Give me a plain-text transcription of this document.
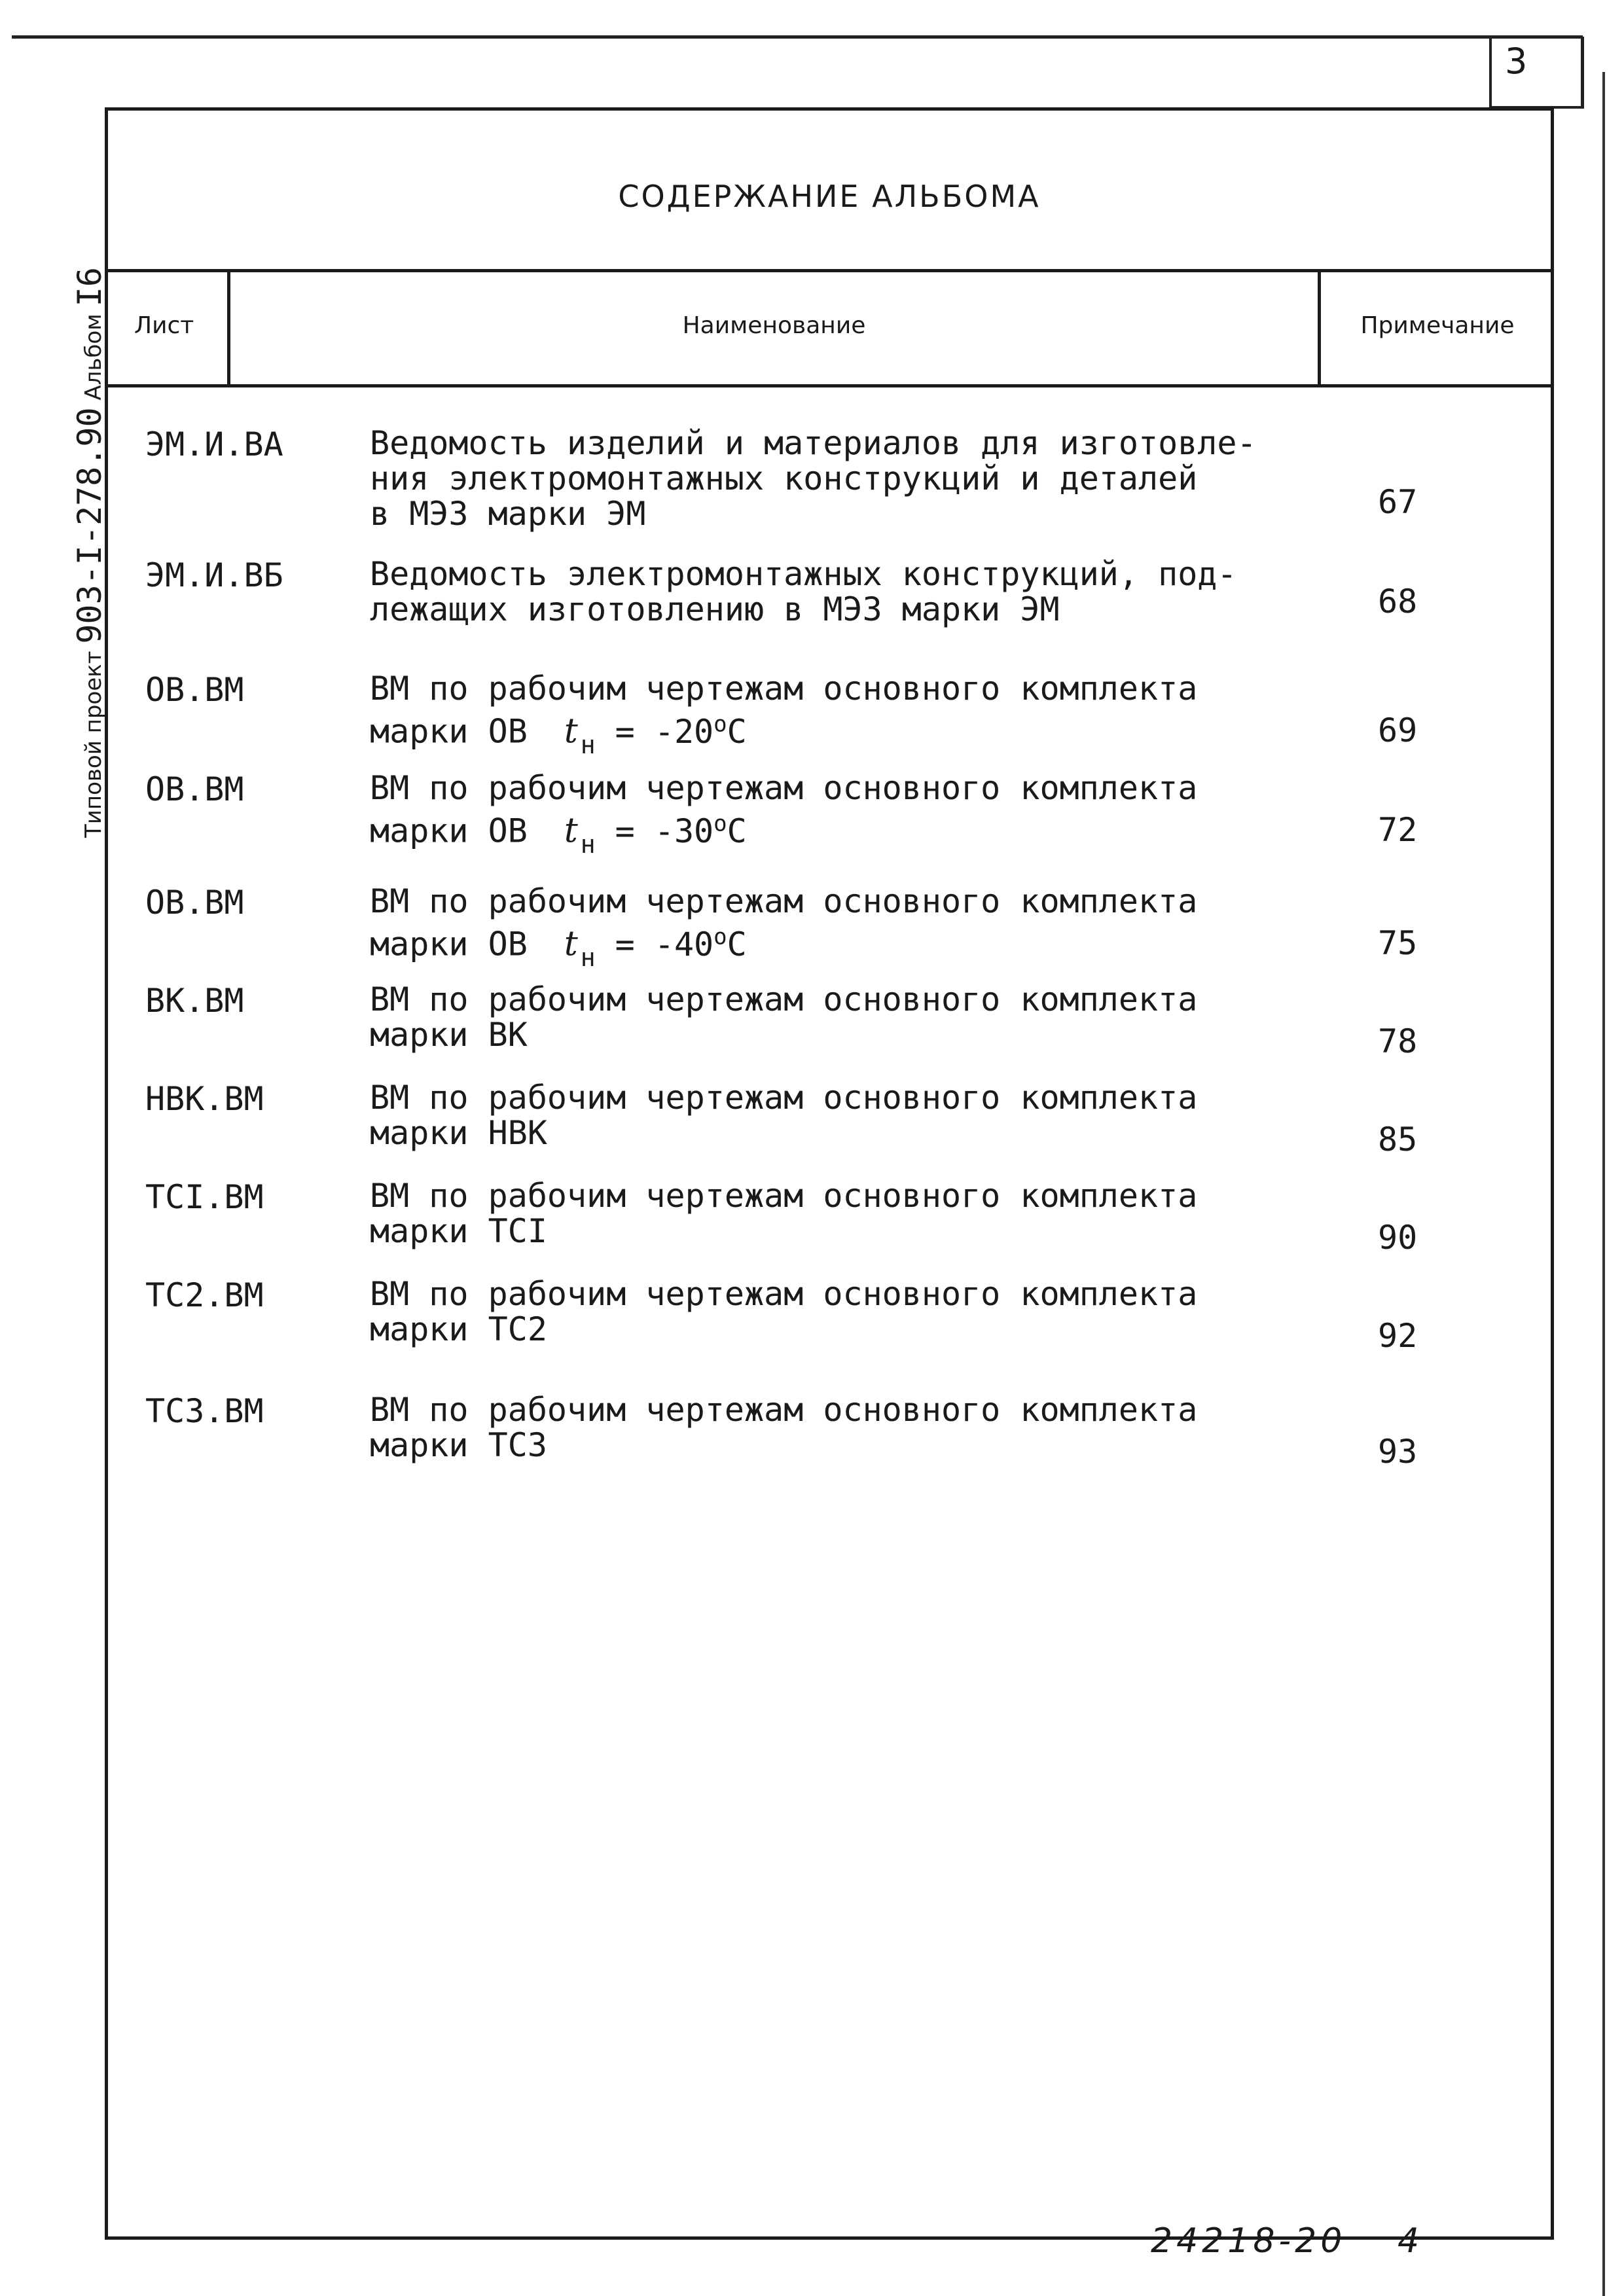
3
Типовой проект 903-I-278.90 Альбом I6
СОДЕРЖАНИЕ АЛЬБОМА
Лист	Наименование	Примечание
ЭМ.И.ВА	Ведомость изделий и материалов для изготовле-
ния электромонтажных конструкций и деталей
в МЭЗ марки ЭМ	67
ЭМ.И.ВБ	Ведомость электромонтажных конструкций, под-
лежащих изготовлению в МЭЗ марки ЭМ	68
ОВ.ВМ	ВМ по рабочим чертежам основного комплекта
марки ОВ t $_н = -20^oC$	69
ОВ.ВМ	ВМ по рабочим чертежам основного комплекта
марки ОВ t $_н = -30^oC$	72
ОВ.ВМ	ВМ по рабочим чертежам основного комплекта
марки ОВ t $_н = -40^oC$	75
ВК.ВМ	ВМ по рабочим чертежам основного комплекта
марки ВК	78
НВК.ВМ	ВМ по рабочим чертежам основного комплекта
марки НВК	85
ТСI.ВМ	ВМ по рабочим чертежам основного комплекта
марки ТСI	90
ТС2.ВМ	ВМ по рабочим чертежам основного комплекта
марки ТС2	92
ТС3.ВМ	ВМ по рабочим чертежам основного комплекта
марки ТС3	93
24218-20 4
